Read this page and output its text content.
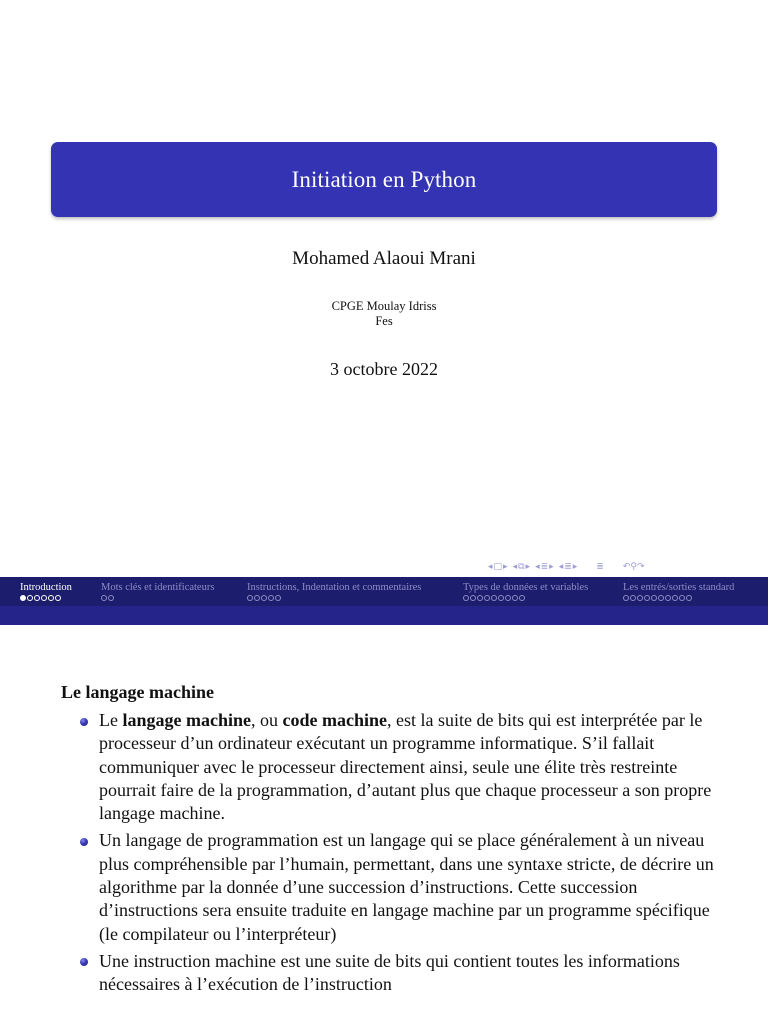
Initiation en Python
Mohamed Alaoui Mrani
CPGE Moulay Idriss
Fes
3 octobre 2022
◂ □ ▸ ◂ ⧉ ▸ ◂ ≣ ▸ ◂ ≣ ▸ ≣ ↶⚲↷
Introduction	Mots clés et identificateurs	Instructions, Indentation et commentaires	Types de données et variables	Les entrés/sorties standard
Le langage machine
Le langage machine, ou code machine, est la suite de bits qui est interprétée par le processeur d’un ordinateur exécutant un programme informatique. S’il fallait communiquer avec le processeur directement ainsi, seule une élite très restreinte pourrait faire de la programmation, d’autant plus que chaque processeur a son propre langage machine.
Un langage de programmation est un langage qui se place généralement à un niveau plus compréhensible par l’humain, permettant, dans une syntaxe stricte, de décrire un algorithme par la donnée d’une succession d’instructions. Cette succession d’instructions sera ensuite traduite en langage machine par un programme spécifique (le compilateur ou l’interpréteur)
Une instruction machine est une suite de bits qui contient toutes les informations nécessaires à l’exécution de l’instruction
